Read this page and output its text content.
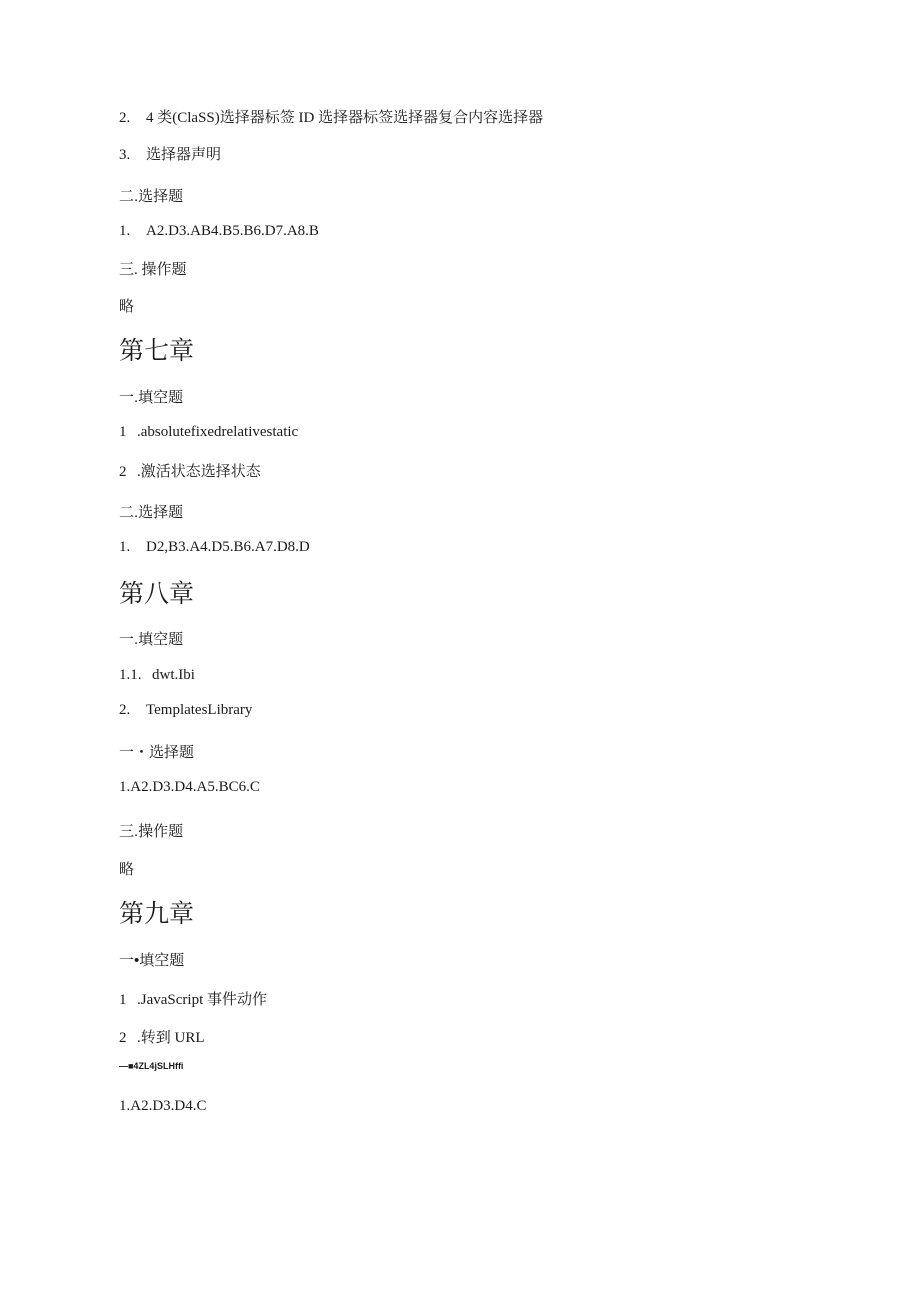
2. 4 类(ClaSS)选择器标签 ID 选择器标签选择器复合内容选择器
3. 选择器声明
二.选择题
1. A2.D3.AB4.B5.B6.D7.A8.B
三. 操作题
略
第七章
一.填空题
1 .absolutefixedrelativestatic
2 .激活状态选择状态
二.选择题
1. D2,B3.A4.D5.B6.A7.D8.D
第八章
一.填空题
1.1. dwt.Ibi
2. TemplatesLibrary
一・选择题
1.A2.D3.D4.A5.BC6.C
三.操作题
略
第九章
一•填空题
1 .JavaScript 事件动作
2 .转到 URL
—■4ZL4jSLHffi
1.A2.D3.D4.C
